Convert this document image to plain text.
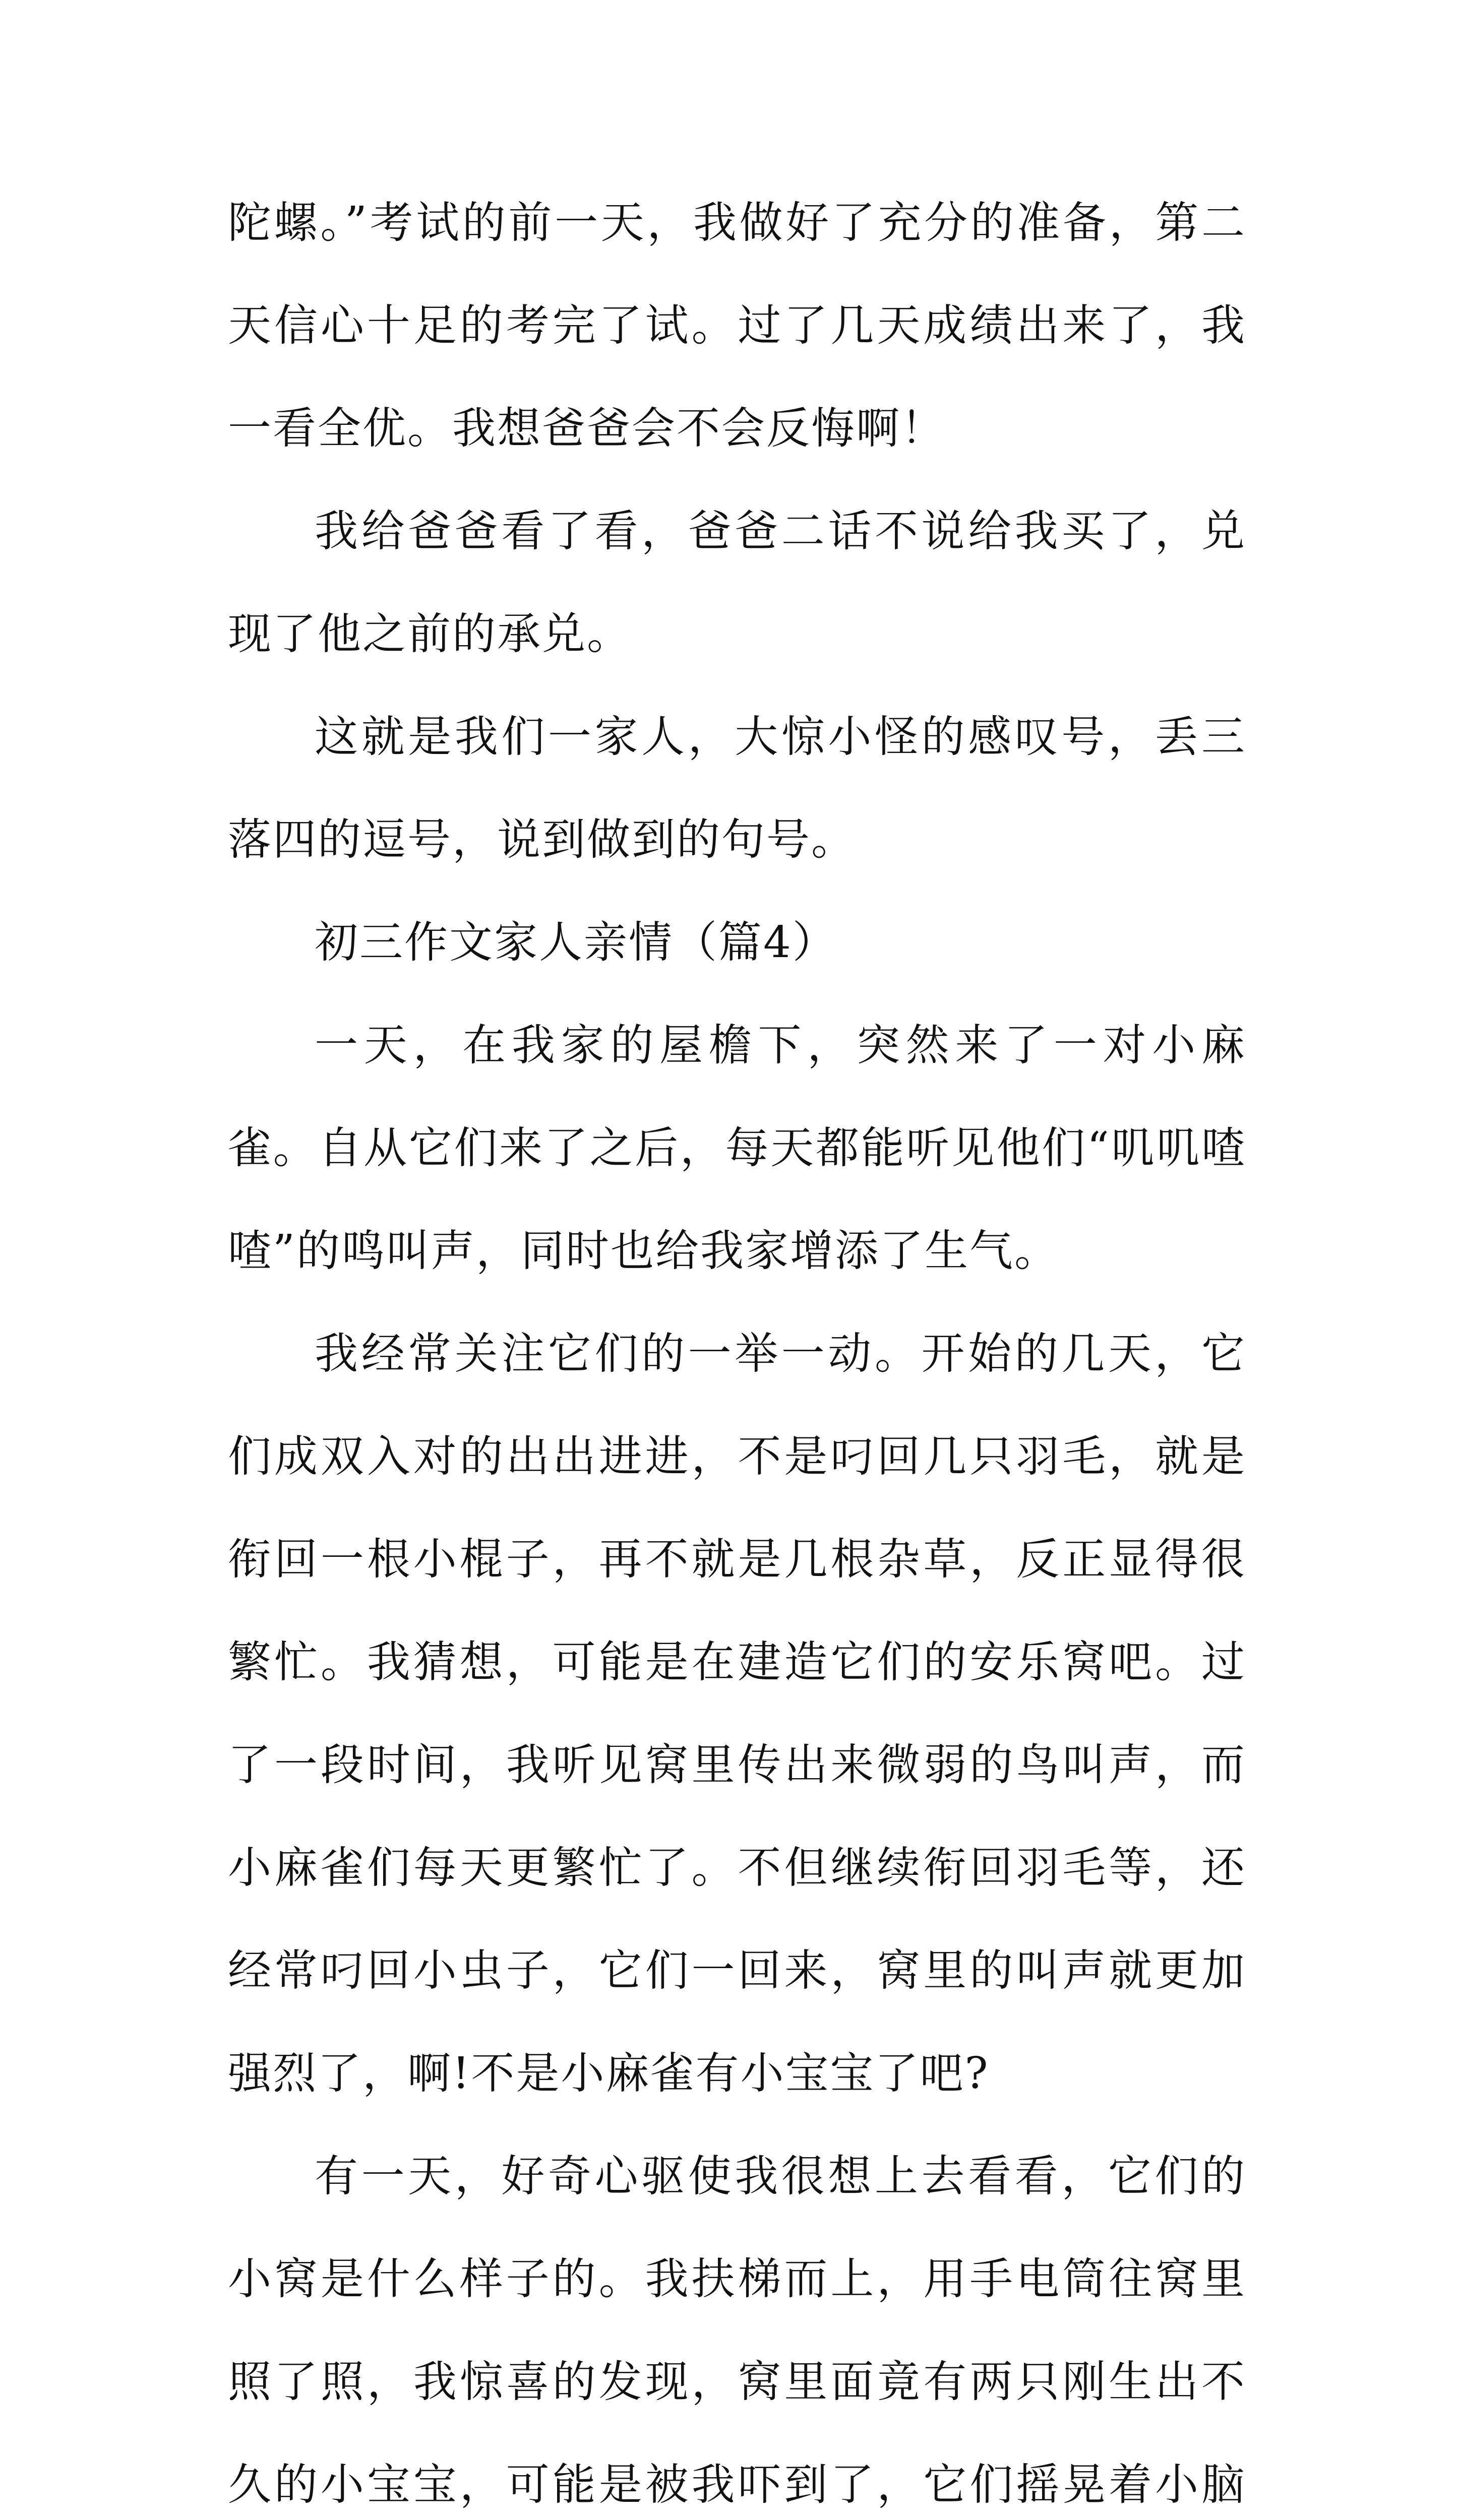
陀螺。”考试的前一天，我做好了充分的准备，第二天信心十足的考完了试。过了几天成绩出来了，我一看全优。我想爸爸会不会反悔啊！

我给爸爸看了看，爸爸二话不说给我买了，兑现了他之前的承兑。

这就是我们一家人，大惊小怪的感叹号，丢三落四的逗号，说到做到的句号。

初三作文家人亲情（篇4）

一天，在我家的屋檐下，突然来了一对小麻雀。自从它们来了之后，每天都能听见他们“叽叽喳喳”的鸣叫声，同时也给我家增添了生气。

我经常关注它们的一举一动。开始的几天，它们成双入对的出出进进，不是叼回几只羽毛，就是衔回一根小棍子，再不就是几根杂草，反正显得很繁忙。我猜想，可能是在建造它们的安乐窝吧。过了一段时间，我听见窝里传出来微弱的鸟叫声，而小麻雀们每天更繁忙了。不但继续衔回羽毛等，还经常叼回小虫子，它们一回来，窝里的叫声就更加强烈了，啊!不是小麻雀有小宝宝了吧?

有一天，好奇心驱使我很想上去看看，它们的小窝是什么样子的。我扶梯而上，用手电筒往窝里照了照，我惊喜的发现，窝里面竟有两只刚生出不久的小宝宝，可能是被我吓到了，它们摇晃着小脑
